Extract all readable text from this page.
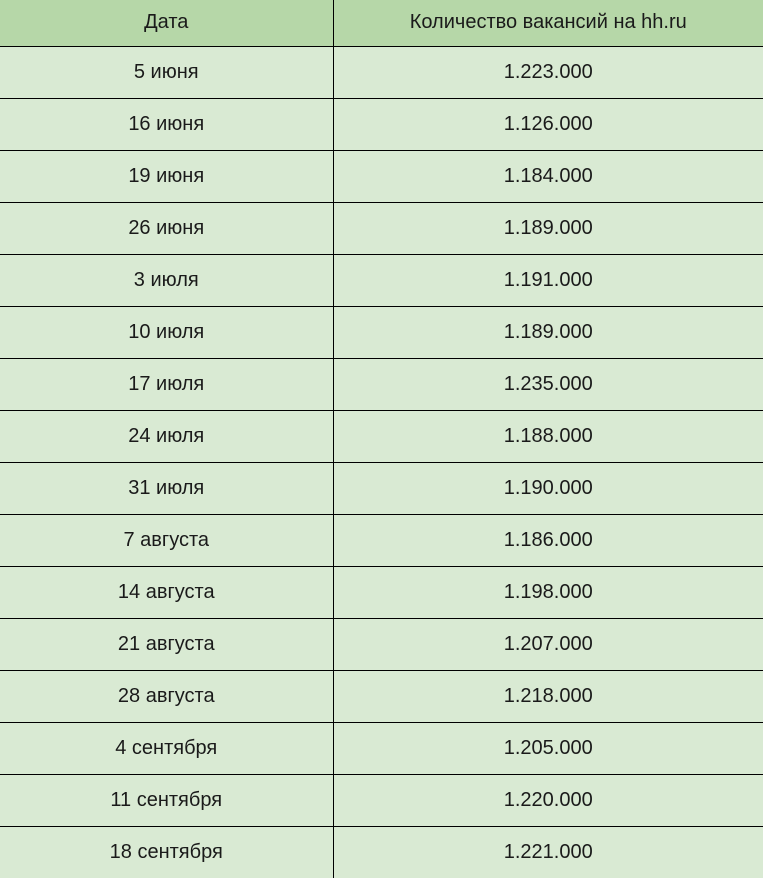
Дата	Количество вакансий на hh.ru
5 июня	1.223.000
16 июня	1.126.000
19 июня	1.184.000
26 июня	1.189.000
3 июля	1.191.000
10 июля	1.189.000
17 июля	1.235.000
24 июля	1.188.000
31 июля	1.190.000
7 августа	1.186.000
14 августа	1.198.000
21 августа	1.207.000
28 августа	1.218.000
4 сентября	1.205.000
11 сентября	1.220.000
18 сентября	1.221.000
